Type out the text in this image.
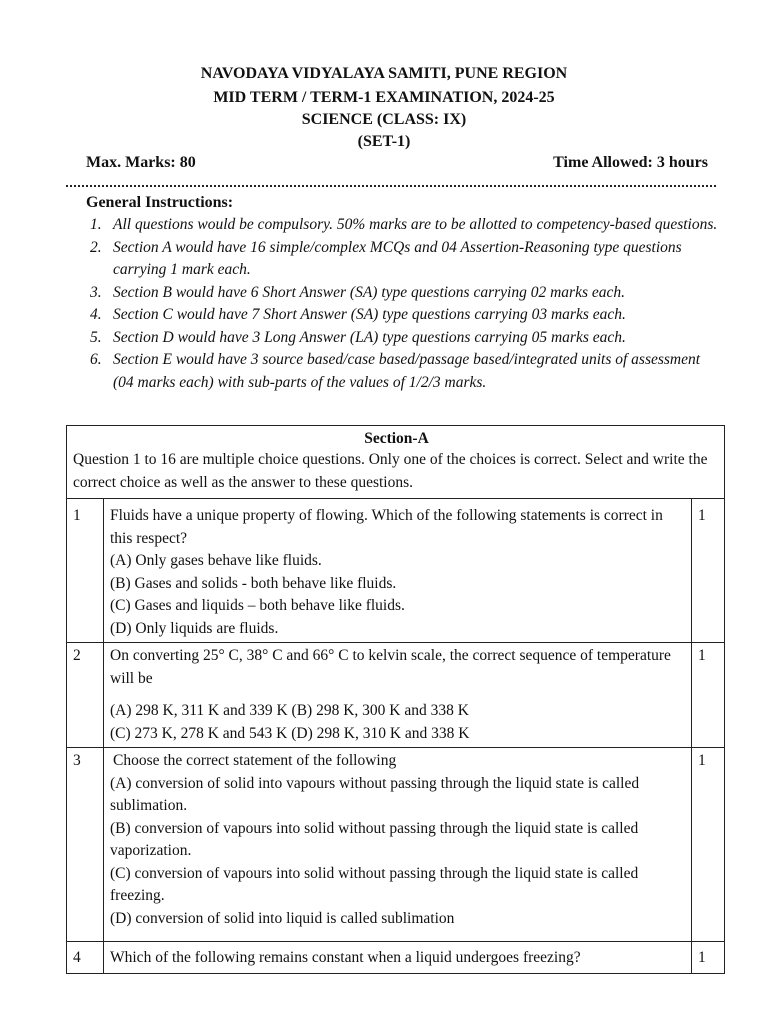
NAVODAYA VIDYALAYA SAMITI, PUNE REGION
MID TERM / TERM-1 EXAMINATION, 2024-25
SCIENCE (CLASS: IX)
(SET-1)
Max. Marks: 80	Time Allowed: 3 hours
General Instructions:
1. All questions would be compulsory. 50% marks are to be allotted to competency-based questions.
2. Section A would have 16 simple/complex MCQs and 04 Assertion-Reasoning type questions carrying 1 mark each.
3. Section B would have 6 Short Answer (SA) type questions carrying 02 marks each.
4. Section C would have 7 Short Answer (SA) type questions carrying 03 marks each.
5. Section D would have 3 Long Answer (LA) type questions carrying 05 marks each.
6. Section E would have 3 source based/case based/passage based/integrated units of assessment (04 marks each) with sub-parts of the values of 1/2/3 marks.
Section-A
Question 1 to 16 are multiple choice questions. Only one of the choices is correct. Select and write the correct choice as well as the answer to these questions.		

1	Fluids have a unique property of flowing. Which of the following statements is correct in this respect?
(A) Only gases behave like fluids.
(B) Gases and solids - both behave like fluids.
(C) Gases and liquids – both behave like fluids.
(D) Only liquids are fluids.	1
2	On converting 25° C, 38° C and 66° C to kelvin scale, the correct sequence of temperature will be
(A) 298 K, 311 K and 339 K (B) 298 K, 300 K and 338 K
(C) 273 K, 278 K and 543 K (D) 298 K, 310 K and 338 K	1
3	Choose the correct statement of the following
(A) conversion of solid into vapours without passing through the liquid state is called sublimation.
(B) conversion of vapours into solid without passing through the liquid state is called vaporization.
(C) conversion of vapours into solid without passing through the liquid state is called freezing.
(D) conversion of solid into liquid is called sublimation	1
4	Which of the following remains constant when a liquid undergoes freezing?	1
